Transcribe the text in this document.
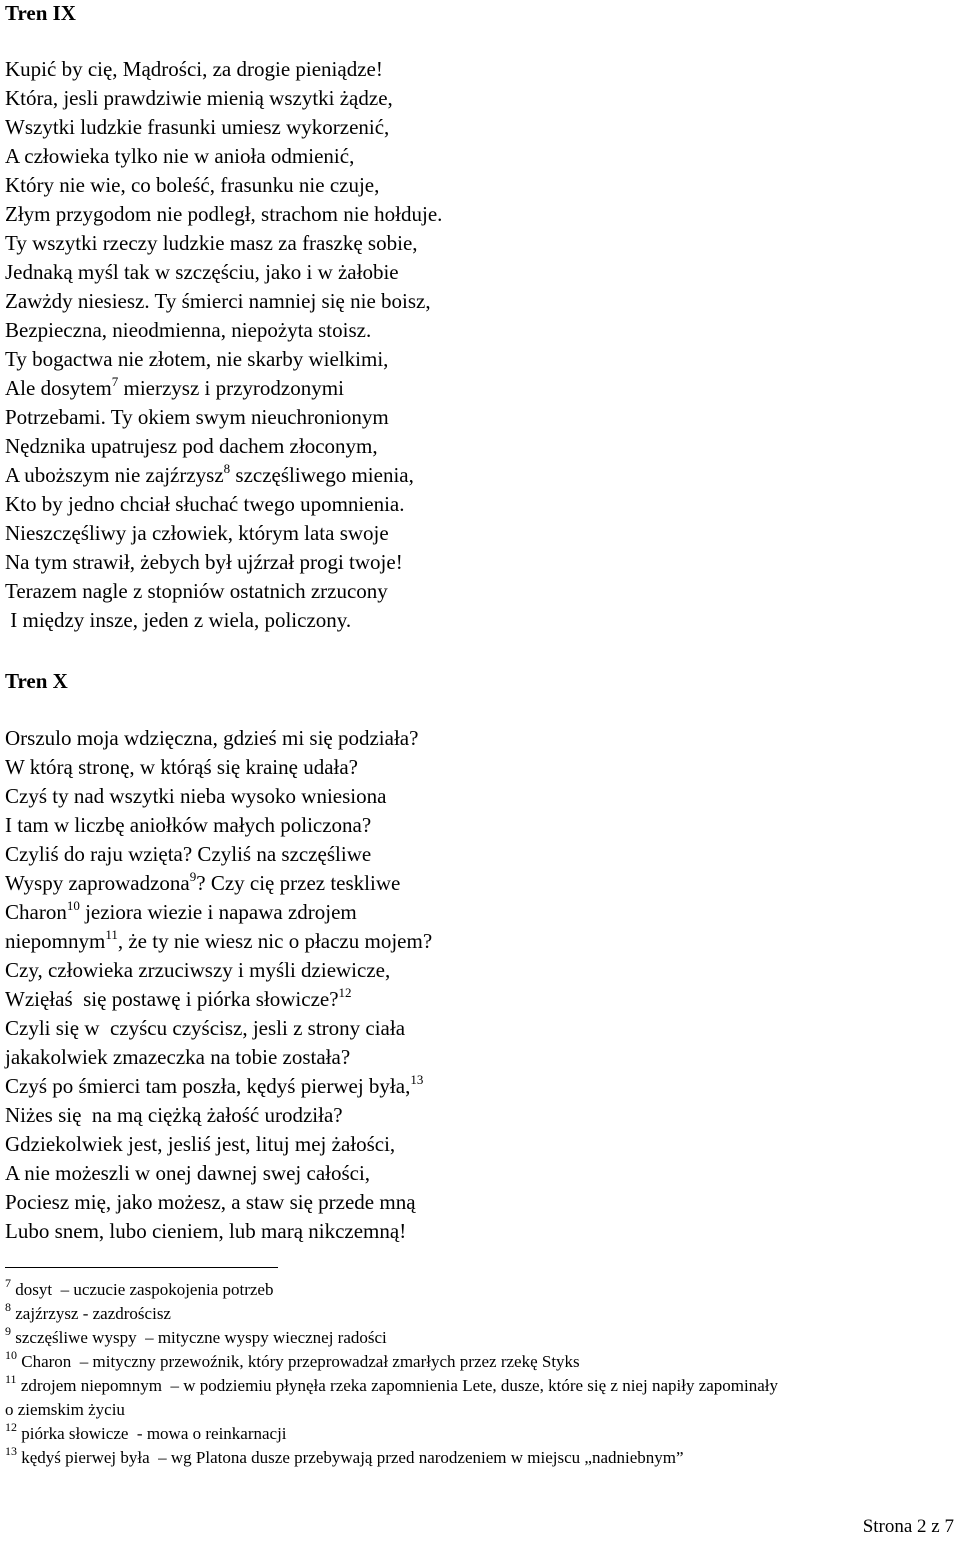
Tren IX
Kupić by cię, Mądrości, za drogie pieniądze!
Która, jesli prawdziwie mienią wszytki żądze,
Wszytki ludzkie frasunki umiesz wykorzenić,
A człowieka tylko nie w anioła odmienić,
Który nie wie, co boleść, frasunku nie czuje,
Złym przygodom nie podległ, strachom nie hołduje.
Ty wszytki rzeczy ludzkie masz za fraszkę sobie,
Jednaką myśl tak w szczęściu, jako i w żałobie
Zawżdy niesiesz. Ty śmierci namniej się nie boisz,
Bezpieczna, nieodmienna, niepożyta stoisz.
Ty bogactwa nie złotem, nie skarby wielkimi,
Ale dosytem$^7$ mierzysz i przyrodzonymi
Potrzebami. Ty okiem swym nieuchronionym
Nędznika upatrujesz pod dachem złoconym,
A uboższym nie zajźrzysz$^8$ szczęśliwego mienia,
Kto by jedno chciał słuchać twego upomnienia.
Nieszczęśliwy ja człowiek, którym lata swoje
Na tym strawił, żebych był ujźrzał progi twoje!
Terazem nagle z stopniów ostatnich zrzucony
I między insze, jeden z wiela, policzony.
Tren X
Orszulo moja wdzięczna, gdzieś mi się podziała?
W którą stronę, w którąś się krainę udała?
Czyś ty nad wszytki nieba wysoko wniesiona
I tam w liczbę aniołków małych policzona?
Czyliś do raju wzięta? Czyliś na szczęśliwe
Wyspy zaprowadzona$^9$? Czy cię przez teskliwe
Charon$^{10}$ jeziora wiezie i napawa zdrojem
niepomnym$^{11}$, że ty nie wiesz nic o płaczu mojem?
Czy, człowieka zrzuciwszy i myśli dziewicze,
Wzięłaś  się postawę i piórka słowicze?$^{12}$
Czyli się w  czyścu czyścisz, jesli z strony ciała
jakakolwiek zmazeczka na tobie została?
Czyś po śmierci tam poszła, kędyś pierwej była,$^{13}$
Niżes się  na mą ciężką żałość urodziła?
Gdziekolwiek jest, jesliś jest, lituj mej żałości,
A nie możeszli w onej dawnej swej całości,
Pociesz mię, jako możesz, a staw się przede mną
Lubo snem, lubo cieniem, lub marą nikczemną!
$^7$ dosyt  – uczucie zaspokojenia potrzeb
$^8$ zajźrzysz - zazdrościsz
$^9$ szczęśliwe wyspy  – mityczne wyspy wiecznej radości
$^{10}$ Charon  – mityczny przewoźnik, który przeprowadzał zmarłych przez rzekę Styks
$^{11}$ zdrojem niepomnym  – w podziemiu płynęła rzeka zapomnienia Lete, dusze, które się z niej napiły zapominały
o ziemskim życiu
$^{12}$ piórka słowicze  - mowa o reinkarnacji
$^{13}$ kędyś pierwej była  – wg Platona dusze przebywają przed narodzeniem w miejscu „nadniebnym”
Strona 2 z 7
